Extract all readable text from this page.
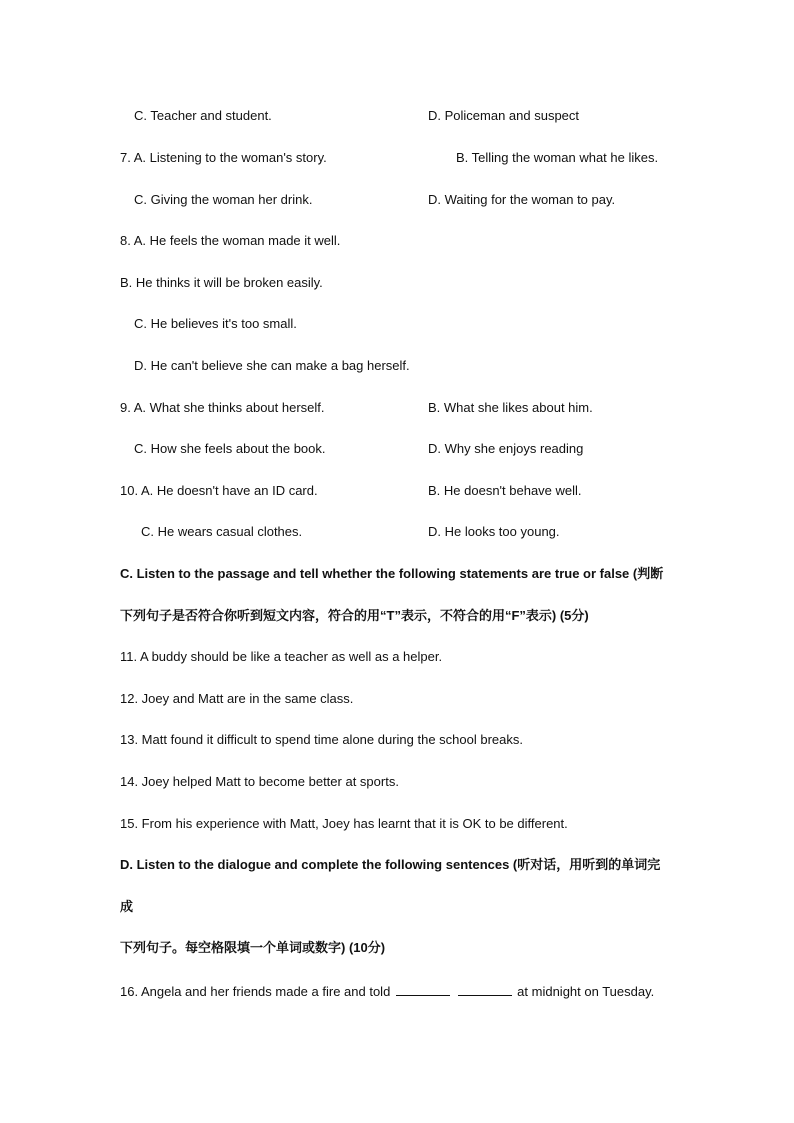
C. Teacher and student.	D. Policeman and suspect
7. A. Listening to the woman's story.	B. Telling the woman what he likes.
C. Giving the woman her drink.	D. Waiting for the woman to pay.
8. A. He feels the woman made it well.
B. He thinks it will be broken easily.
C. He believes it's too small.
D. He can't believe she can make a bag herself.
9. A. What she thinks about herself.	B. What she likes about him.
C. How she feels about the book.	D. Why she enjoys reading
10. A. He doesn't have an ID card.	B. He doesn't behave well.
C. He wears casual clothes.	D. He looks too young.
C. Listen to the passage and tell whether the following statements are true or false (判断
下列句子是否符合你听到短文内容，符合的用“T”表示，不符合的用“F”表示) (5分)
11. A buddy should be like a teacher as well as a helper.
12. Joey and Matt are in the same class.
13. Matt found it difficult to spend time alone during the school breaks.
14. Joey helped Matt to become better at sports.
15. From his experience with Matt, Joey has learnt that it is OK to be different.
D. Listen to the dialogue and complete the following sentences (听对话，用听到的单词完
成
下列句子。每空格限填一个单词或数字) (10分)
16. Angela and her friends made a fire and told	at midnight on Tuesday.
